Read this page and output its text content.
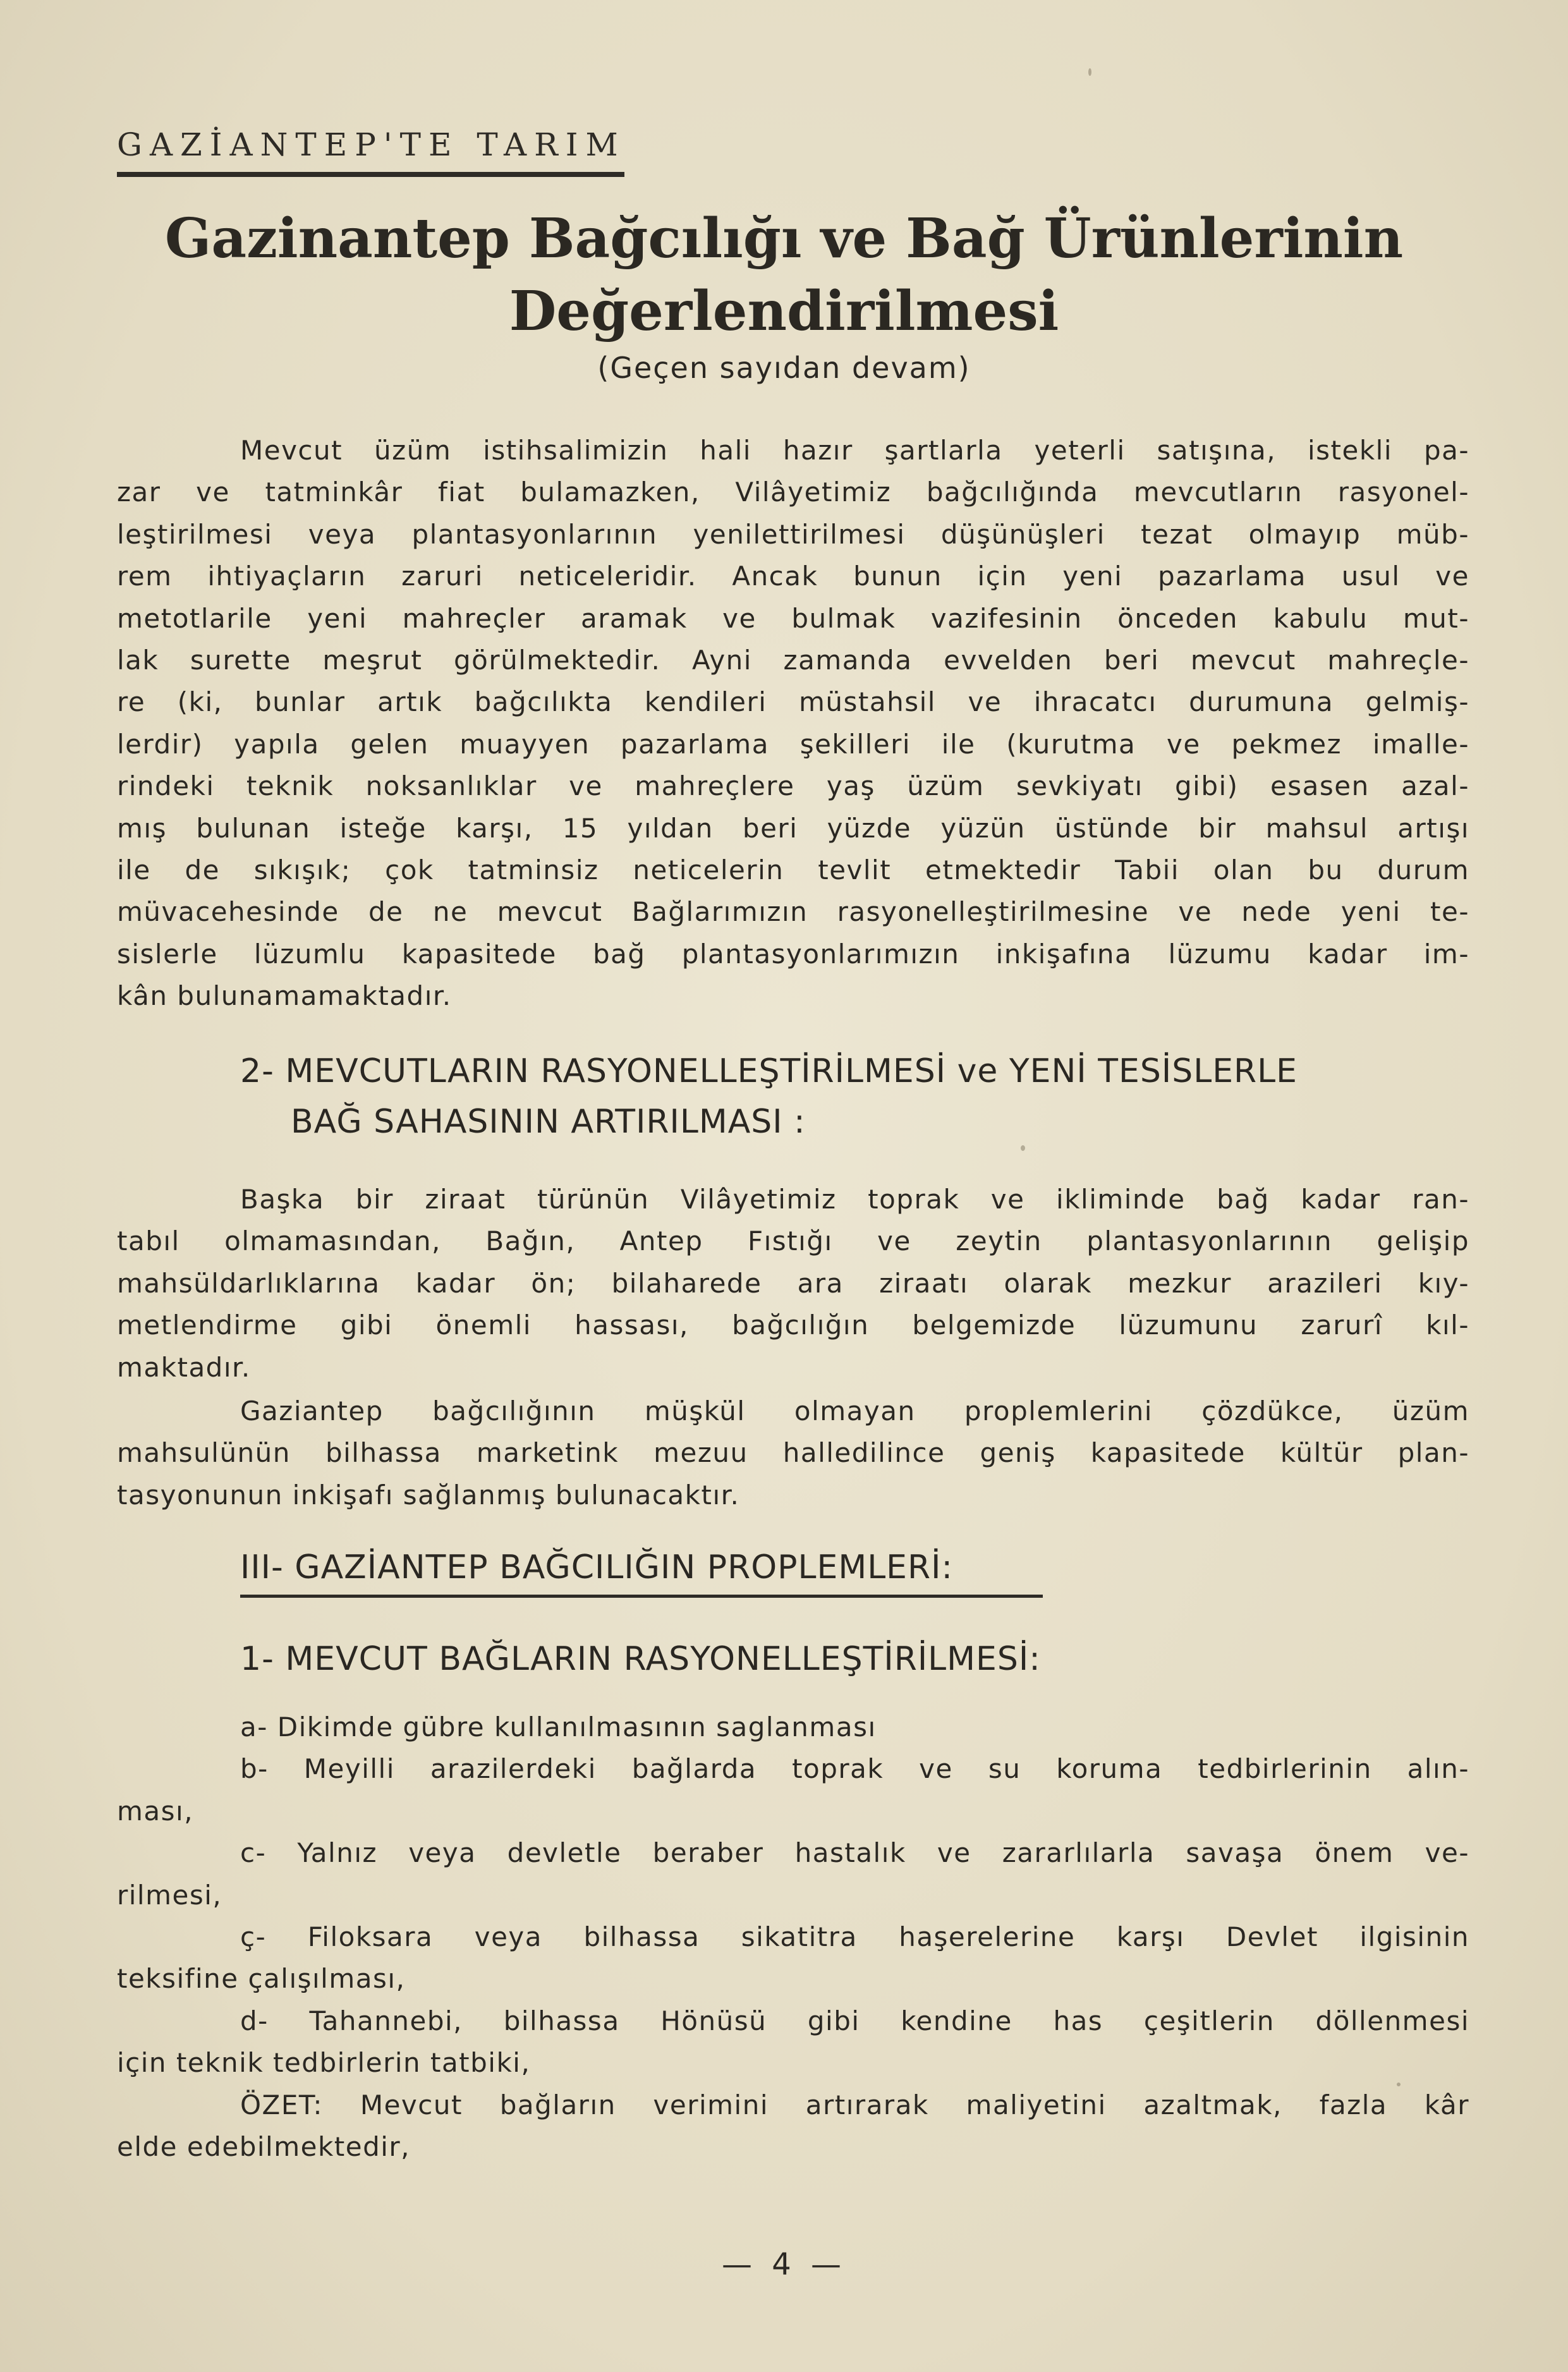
GAZİANTEP'TE TARIM
Gazinantep Bağcılığı ve Bağ Ürünlerinin
Değerlendirilmesi
(Geçen sayıdan devam)
Mevcut üzüm istihsalimizin hali hazır şartlarla yeterli satışına, istekli pa-
zar ve tatminkâr fiat bulamazken, Vilâyetimiz bağcılığında mevcutların rasyonel-
leştirilmesi veya plantasyonlarının yenilettirilmesi düşünüşleri tezat olmayıp müb-
rem ihtiyaçların zaruri neticeleridir. Ancak bunun için yeni pazarlama usul ve
metotlarile yeni mahreçler aramak ve bulmak vazifesinin önceden kabulu mut-
lak surette meşrut görülmektedir. Ayni zamanda evvelden beri mevcut mahreçle-
re (ki, bunlar artık bağcılıkta kendileri müstahsil ve ihracatcı durumuna gelmiş-
lerdir) yapıla gelen muayyen pazarlama şekilleri ile (kurutma ve pekmez imalle-
rindeki teknik noksanlıklar ve mahreçlere yaş üzüm sevkiyatı gibi) esasen azal-
mış bulunan isteğe karşı, 15 yıldan beri yüzde yüzün üstünde bir mahsul artışı
ile de sıkışık; çok tatminsiz neticelerin tevlit etmektedir Tabii olan bu durum
müvacehesinde de ne mevcut Bağlarımızın rasyonelleştirilmesine ve nede yeni te-
sislerle lüzumlu kapasitede bağ plantasyonlarımızın inkişafına lüzumu kadar im-
kân bulunamamaktadır.
2- MEVCUTLARIN RASYONELLEŞTİRİLMESİ ve YENİ TESİSLERLE
BAĞ SAHASININ ARTIRILMASI :
Başka bir ziraat türünün Vilâyetimiz toprak ve ikliminde bağ kadar ran-
tabıl olmamasından, Bağın, Antep Fıstığı ve zeytin plantasyonlarının gelişip
mahsüldarlıklarına kadar ön; bilaharede ara ziraatı olarak mezkur arazileri kıy-
metlendirme gibi önemli hassası, bağcılığın belgemizde lüzumunu zarurî kıl-
maktadır.
Gaziantep bağcılığının müşkül olmayan proplemlerini çözdükce, üzüm
mahsulünün bilhassa marketink mezuu halledilince geniş kapasitede kültür plan-
tasyonunun inkişafı sağlanmış bulunacaktır.
III- GAZİANTEP BAĞCILIĞIN PROPLEMLERİ:
1- MEVCUT BAĞLARIN RASYONELLEŞTİRİLMESİ:
a- Dikimde gübre kullanılmasının saglanması
b- Meyilli arazilerdeki bağlarda toprak ve su koruma tedbirlerinin alın-
ması,
c- Yalnız veya devletle beraber hastalık ve zararlılarla savaşa önem ve-
rilmesi,
ç- Filoksara veya bilhassa sikatitra haşerelerine karşı Devlet ilgisinin
teksifine çalışılması,
d- Tahannebi, bilhassa Hönüsü gibi kendine has çeşitlerin döllenmesi
için teknik tedbirlerin tatbiki,
ÖZET: Mevcut bağların verimini artırarak maliyetini azaltmak, fazla kâr
elde edebilmektedir,
— 4 —
